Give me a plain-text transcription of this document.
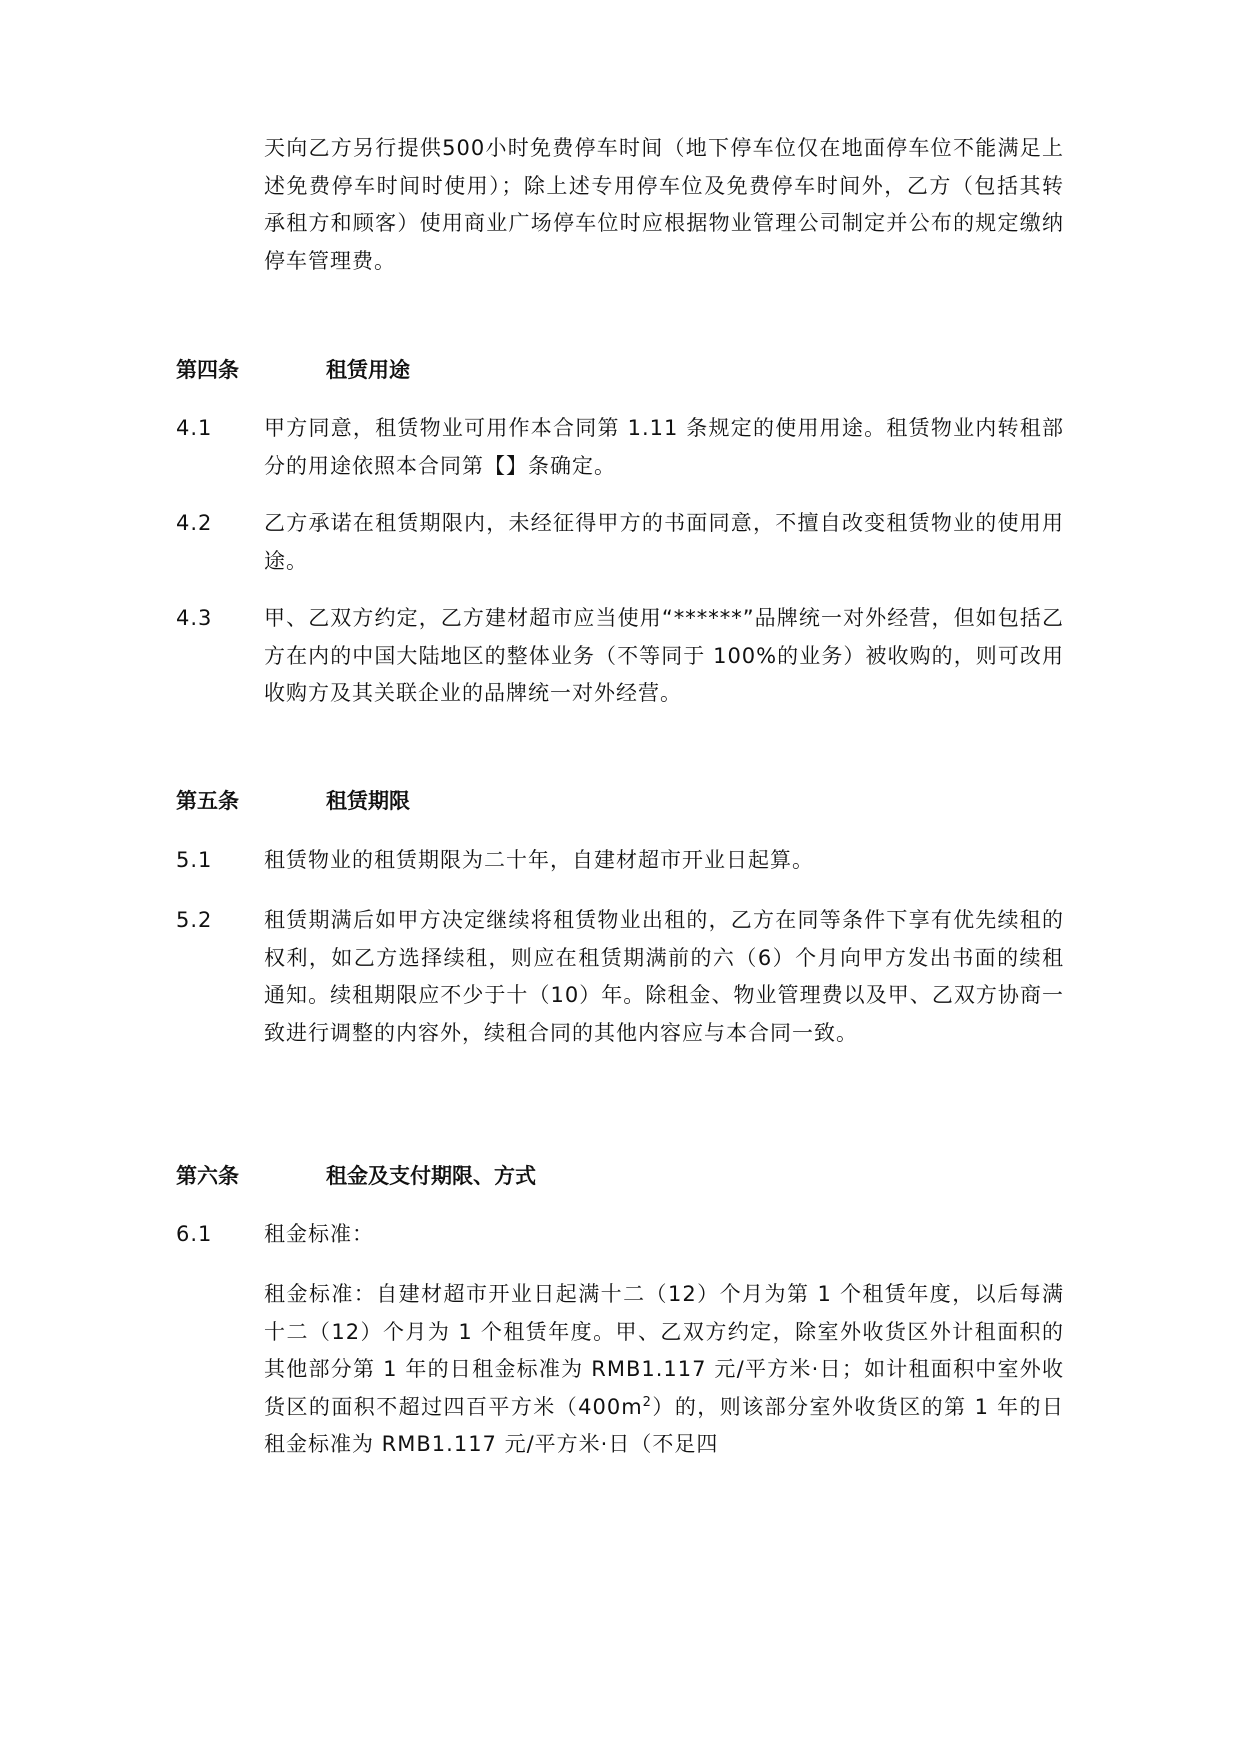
天向乙方另行提供500小时免费停车时间（地下停车位仅在地面停车位不能满足上述免费停车时间时使用）；除上述专用停车位及免费停车时间外，乙方（包括其转承租方和顾客）使用商业广场停车位时应根据物业管理公司制定并公布的规定缴纳停车管理费。
第四条	租赁用途
4.1	甲方同意，租赁物业可用作本合同第 1.11 条规定的使用用途。租赁物业内转租部分的用途依照本合同第【】条确定。
4.2	乙方承诺在租赁期限内，未经征得甲方的书面同意，不擅自改变租赁物业的使用用途。
4.3	甲、乙双方约定，乙方建材超市应当使用“******”品牌统一对外经营，但如包括乙方在内的中国大陆地区的整体业务（不等同于 100%的业务）被收购的，则可改用收购方及其关联企业的品牌统一对外经营。
第五条	租赁期限
5.1	租赁物业的租赁期限为二十年，自建材超市开业日起算。
5.2	租赁期满后如甲方决定继续将租赁物业出租的，乙方在同等条件下享有优先续租的权利，如乙方选择续租，则应在租赁期满前的六（6）个月向甲方发出书面的续租通知。续租期限应不少于十（10）年。除租金、物业管理费以及甲、乙双方协商一致进行调整的内容外，续租合同的其他内容应与本合同一致。
第六条	租金及支付期限、方式
6.1	租金标准：
租金标准：自建材超市开业日起满十二（12）个月为第 1 个租赁年度，以后每满十二（12）个月为 1 个租赁年度。甲、乙双方约定，除室外收货区外计租面积的其他部分第 1 年的日租金标准为 RMB1.117 元/平方米·日；如计租面积中室外收货区的面积不超过四百平方米$(400m^2)$的，则该部分室外收货区的第 1 年的日租金标准为 RMB1.117 元/平方米·日（不足四
